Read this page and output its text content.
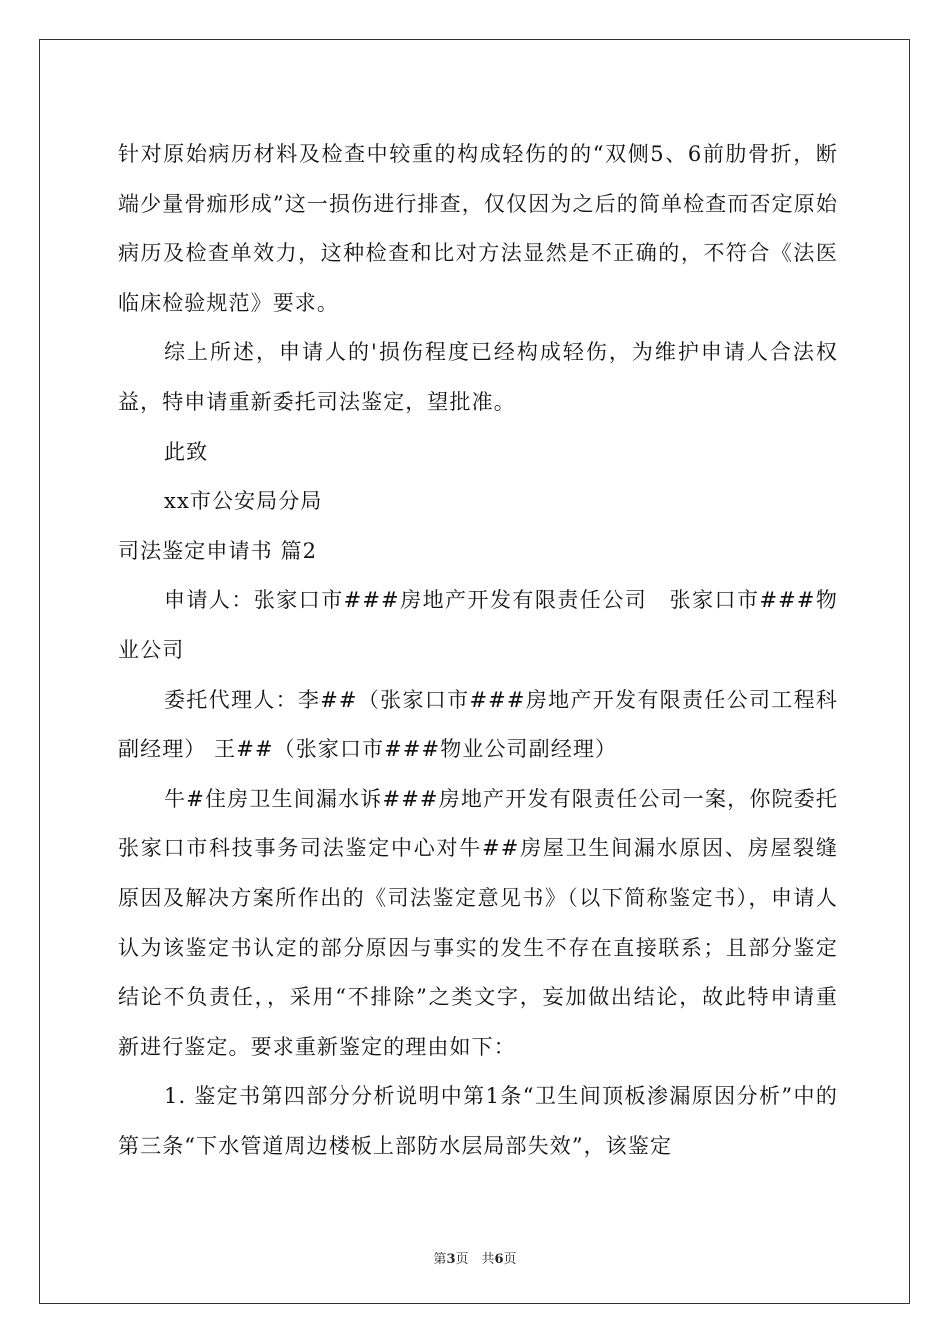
针对原始病历材料及检查中较重的构成轻伤的的“双侧5、6前肋骨折，断端少量骨痂形成”这一损伤进行排查，仅仅因为之后的简单检查而否定原始病历及检查单效力，这种检查和比对方法显然是不正确的，不符合《法医临床检验规范》要求。

综上所述，申请人的'损伤程度已经构成轻伤，为维护申请人合法权益，特申请重新委托司法鉴定，望批准。

此致

xx市公安局分局

司法鉴定申请书 篇2

申请人：张家口市###房地产开发有限责任公司　张家口市###物业公司

委托代理人：李##（张家口市###房地产开发有限责任公司工程科副经理） 王##（张家口市###物业公司副经理）

牛#住房卫生间漏水诉###房地产开发有限责任公司一案，你院委托张家口市科技事务司法鉴定中心对牛##房屋卫生间漏水原因、房屋裂缝原因及解决方案所作出的《司法鉴定意见书》（以下简称鉴定书），申请人认为该鉴定书认定的部分原因与事实的发生不存在直接联系；且部分鉴定结论不负责任，，采用“不排除”之类文字，妄加做出结论，故此特申请重新进行鉴定。要求重新鉴定的理由如下：

1. 鉴定书第四部分分析说明中第1条“卫生间顶板渗漏原因分析”中的第三条“下水管道周边楼板上部防水层局部失效”，该鉴定

第3页　共6页
